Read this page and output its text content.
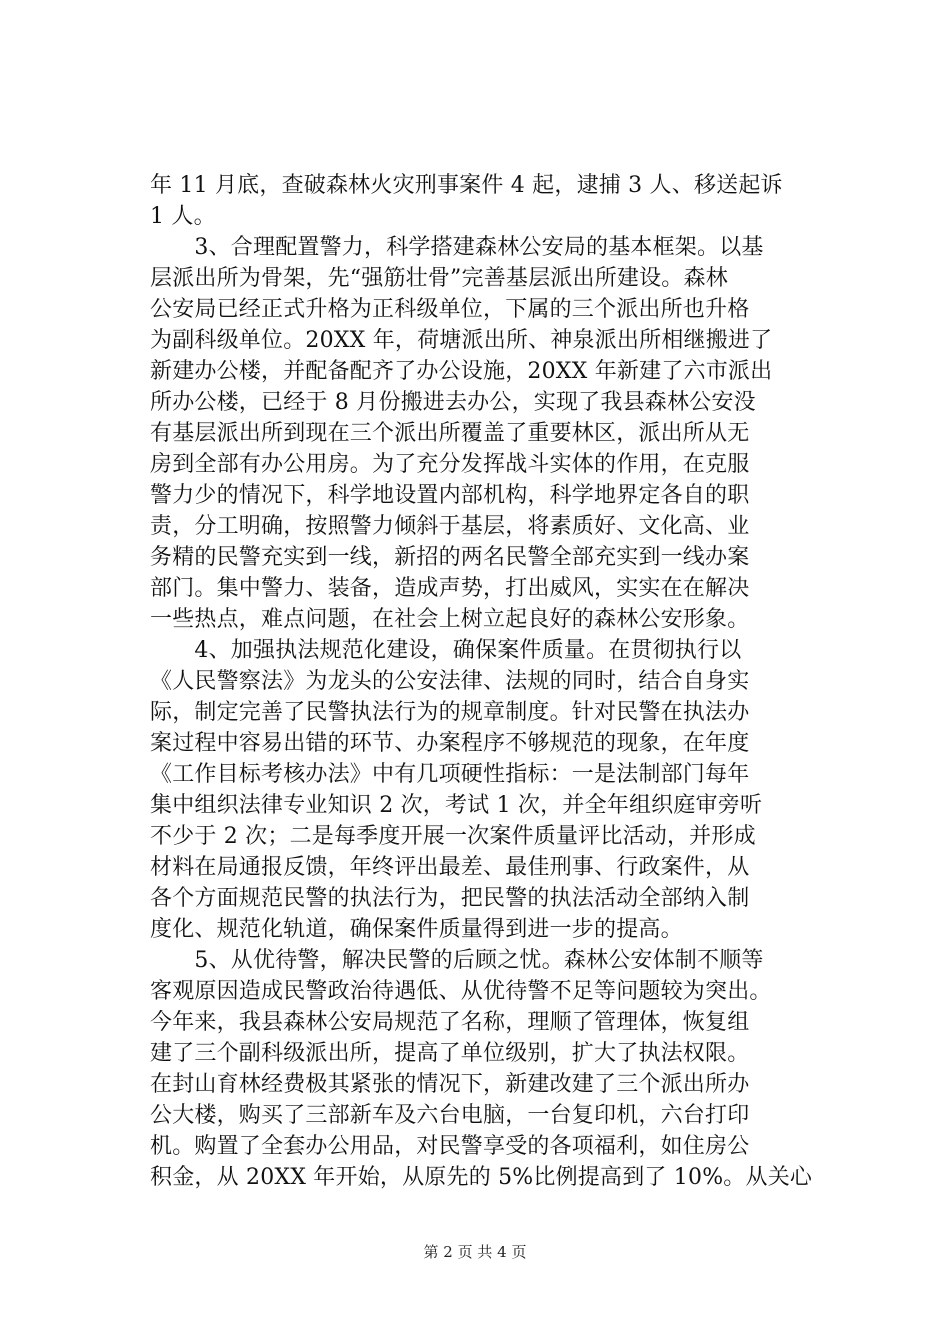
年 11 月底，查破森林火灾刑事案件 4 起，逮捕 3 人、移送起诉
1 人。
　　3、合理配置警力，科学搭建森林公安局的基本框架。以基
层派出所为骨架，先“强筋壮骨”完善基层派出所建设。森林
公安局已经正式升格为正科级单位，下属的三个派出所也升格
为副科级单位。20XX 年，荷塘派出所、神泉派出所相继搬进了
新建办公楼，并配备配齐了办公设施，20XX 年新建了六市派出
所办公楼，已经于 8 月份搬进去办公，实现了我县森林公安没
有基层派出所到现在三个派出所覆盖了重要林区，派出所从无
房到全部有办公用房。为了充分发挥战斗实体的作用，在克服
警力少的情况下，科学地设置内部机构，科学地界定各自的职
责，分工明确，按照警力倾斜于基层，将素质好、文化高、业
务精的民警充实到一线，新招的两名民警全部充实到一线办案
部门。集中警力、装备，造成声势，打出威风，实实在在解决
一些热点，难点问题，在社会上树立起良好的森林公安形象。
　　4、加强执法规范化建设，确保案件质量。在贯彻执行以
《人民警察法》为龙头的公安法律、法规的同时，结合自身实
际，制定完善了民警执法行为的规章制度。针对民警在执法办
案过程中容易出错的环节、办案程序不够规范的现象，在年度
《工作目标考核办法》中有几项硬性指标：一是法制部门每年
集中组织法律专业知识 2 次，考试 1 次，并全年组织庭审旁听
不少于 2 次；二是每季度开展一次案件质量评比活动，并形成
材料在局通报反馈，年终评出最差、最佳刑事、行政案件，从
各个方面规范民警的执法行为，把民警的执法活动全部纳入制
度化、规范化轨道，确保案件质量得到进一步的提高。
　　5、从优待警，解决民警的后顾之忧。森林公安体制不顺等
客观原因造成民警政治待遇低、从优待警不足等问题较为突出。
今年来，我县森林公安局规范了名称，理顺了管理体，恢复组
建了三个副科级派出所，提高了单位级别，扩大了执法权限。
在封山育林经费极其紧张的情况下，新建改建了三个派出所办
公大楼，购买了三部新车及六台电脑，一台复印机，六台打印
机。购置了全套办公用品，对民警享受的各项福利，如住房公
积金，从 20XX 年开始，从原先的 5%比例提高到了 10%。从关心
第 2 页 共 4 页
